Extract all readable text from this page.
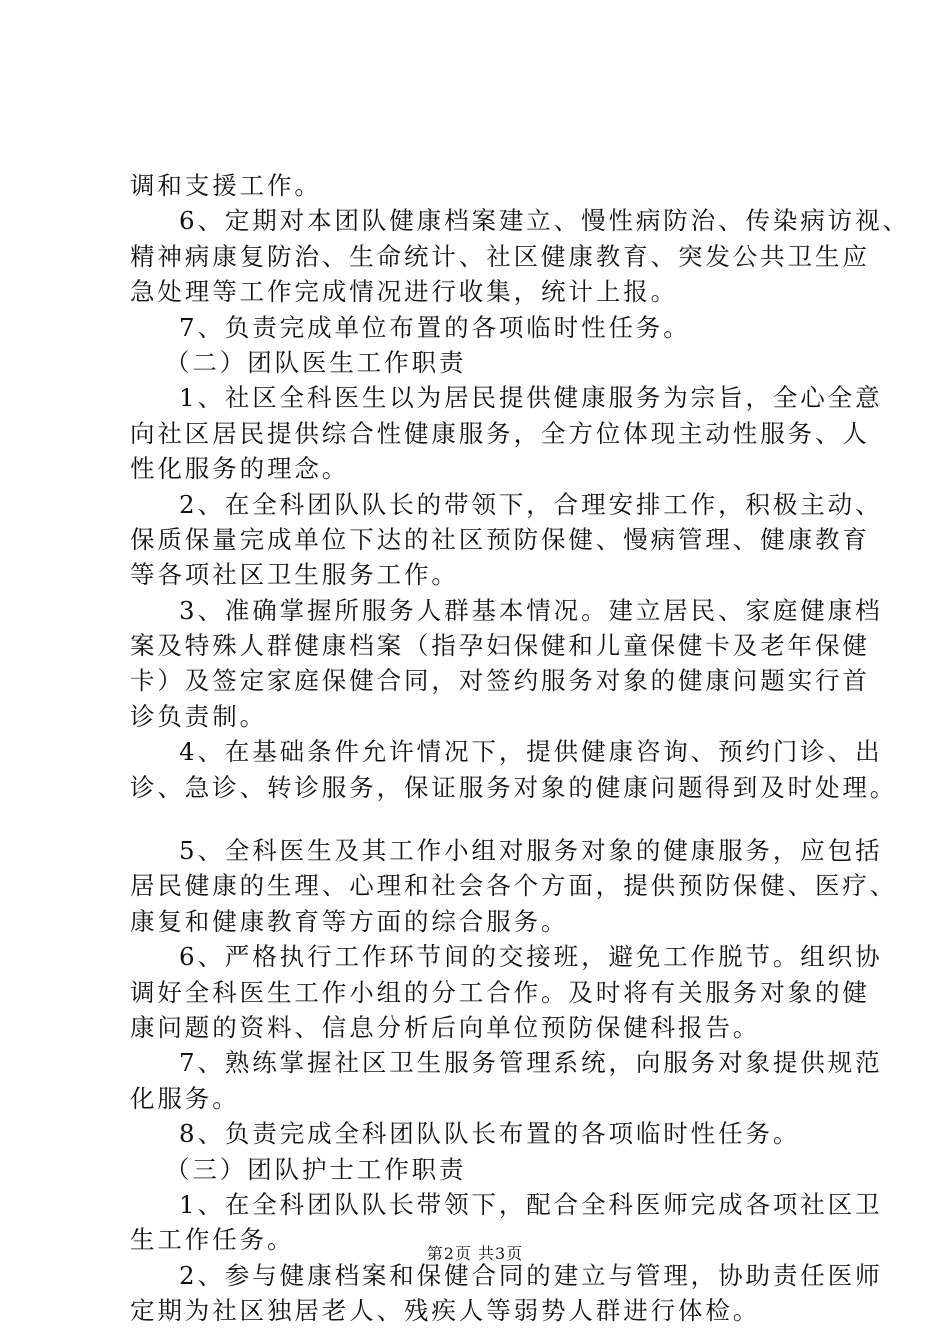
调和支援工作。
6、定期对本团队健康档案建立、慢性病防治、传染病访视、
精神病康复防治、生命统计、社区健康教育、突发公共卫生应
急处理等工作完成情况进行收集，统计上报。
7、负责完成单位布置的各项临时性任务。
（二）团队医生工作职责
1、社区全科医生以为居民提供健康服务为宗旨，全心全意
向社区居民提供综合性健康服务，全方位体现主动性服务、人
性化服务的理念。
2、在全科团队队长的带领下，合理安排工作，积极主动、
保质保量完成单位下达的社区预防保健、慢病管理、健康教育
等各项社区卫生服务工作。
3、准确掌握所服务人群基本情况。建立居民、家庭健康档
案及特殊人群健康档案（指孕妇保健和儿童保健卡及老年保健
卡）及签定家庭保健合同，对签约服务对象的健康问题实行首
诊负责制。
4、在基础条件允许情况下，提供健康咨询、预约门诊、出
诊、急诊、转诊服务，保证服务对象的健康问题得到及时处理。
5、全科医生及其工作小组对服务对象的健康服务，应包括
居民健康的生理、心理和社会各个方面，提供预防保健、医疗、
康复和健康教育等方面的综合服务。
6、严格执行工作环节间的交接班，避免工作脱节。组织协
调好全科医生工作小组的分工合作。及时将有关服务对象的健
康问题的资料、信息分析后向单位预防保健科报告。
7、熟练掌握社区卫生服务管理系统，向服务对象提供规范
化服务。
8、负责完成全科团队队长布置的各项临时性任务。
（三）团队护士工作职责
1、在全科团队队长带领下，配合全科医师完成各项社区卫
生工作任务。
2、参与健康档案和保健合同的建立与管理，协助责任医师
定期为社区独居老人、残疾人等弱势人群进行体检。
第2页 共3页
